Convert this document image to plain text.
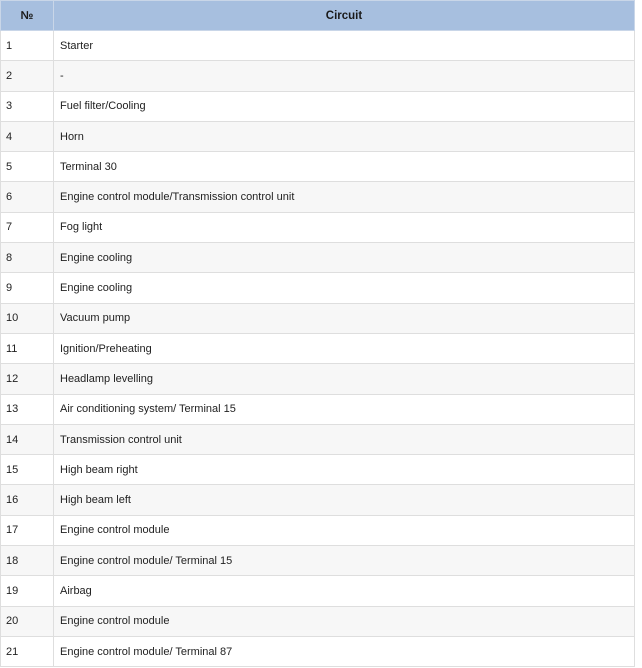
№	Circuit
1	Starter
2	-
3	Fuel filter/Cooling
4	Horn
5	Terminal 30
6	Engine control module/Transmission control unit
7	Fog light
8	Engine cooling
9	Engine cooling
10	Vacuum pump
11	Ignition/Preheating
12	Headlamp levelling
13	Air conditioning system/ Terminal 15
14	Transmission control unit
15	High beam right
16	High beam left
17	Engine control module
18	Engine control module/ Terminal 15
19	Airbag
20	Engine control module
21	Engine control module/ Terminal 87
